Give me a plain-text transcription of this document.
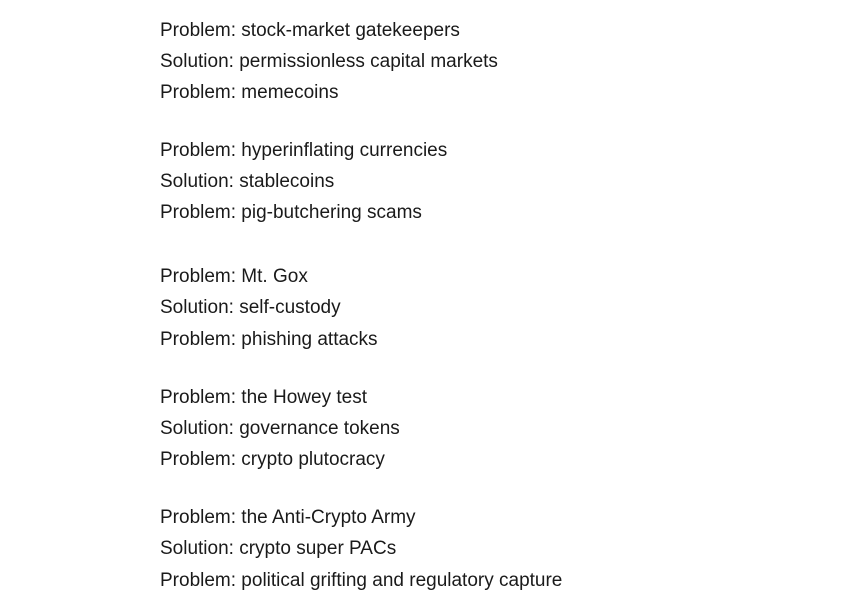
Problem: stock-market gatekeepers
Solution: permissionless capital markets
Problem: memecoins
Problem: hyperinflating currencies
Solution: stablecoins
Problem: pig-butchering scams
Problem: Mt. Gox
Solution: self-custody
Problem: phishing attacks
Problem: the Howey test
Solution: governance tokens
Problem: crypto plutocracy
Problem: the Anti-Crypto Army
Solution: crypto super PACs
Problem: political grifting and regulatory capture
